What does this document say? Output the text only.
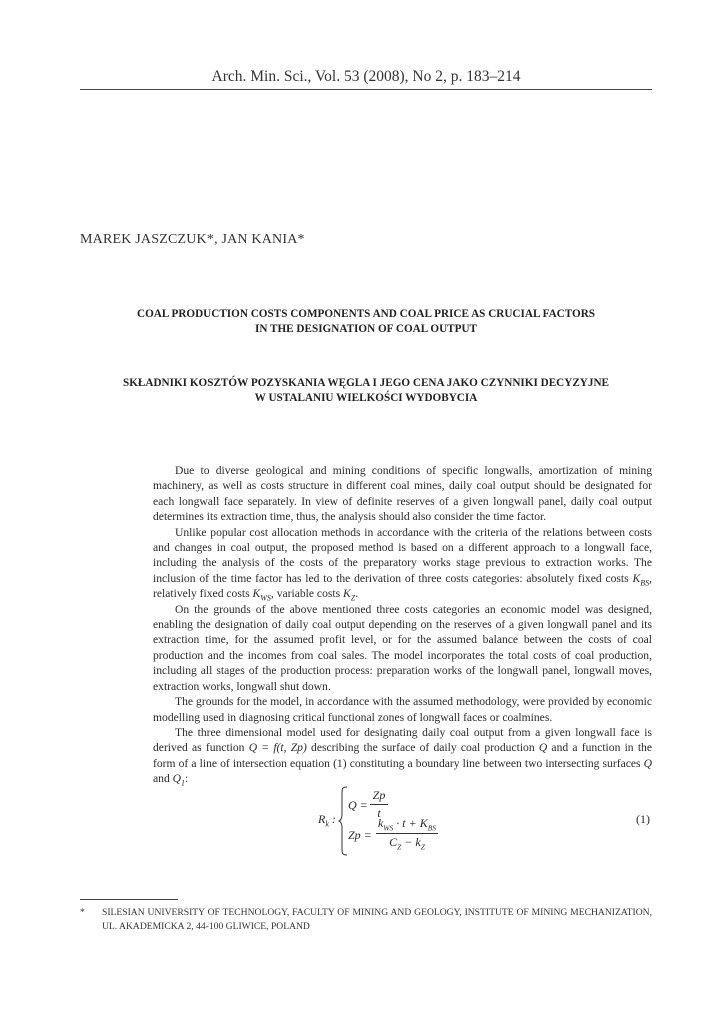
Arch. Min. Sci., Vol. 53 (2008), No 2, p. 183–214
MAREK JASZCZUK*, JAN KANIA*
COAL PRODUCTION COSTS COMPONENTS AND COAL PRICE AS CRUCIAL FACTORS
IN THE DESIGNATION OF COAL OUTPUT
SKŁADNIKI KOSZTÓW POZYSKANIA WĘGLA I JEGO CENA JAKO CZYNNIKI DECYZYJNE
W USTALANIU WIELKOŚCI WYDOBYCIA

Due to diverse geological and mining conditions of specific longwalls, amortization of mining machinery, as well as costs structure in different coal mines, daily coal output should be designated for each longwall face separately. In view of definite reserves of a given longwall panel, daily coal output determines its extraction time, thus, the analysis should also consider the time factor.

Unlike popular cost allocation methods in accordance with the criteria of the relations between costs and changes in coal output, the proposed method is based on a different approach to a longwall face, including the analysis of the costs of the preparatory works stage previous to extraction works. The inclusion of the time factor has led to the derivation of three costs categories: absolutely fixed costs $K_{BS}$, relatively fixed costs $K_{WS}$, variable costs $K_Z$.

On the grounds of the above mentioned three costs categories an economic model was designed, enabling the designation of daily coal output depending on the reserves of a given longwall panel and its extraction time, for the assumed profit level, or for the assumed balance between the costs of coal production and the incomes from coal sales. The model incorporates the total costs of coal production, including all stages of the production process: preparation works of the longwall panel, longwall moves, extraction works, longwall shut down.

The grounds for the model, in accordance with the assumed methodology, were provided by economic modelling used in diagnosing critical functional zones of longwall faces or coalmines.

The three dimensional model used for designating daily coal output from a given longwall face is derived as function Q = f(t, Zp) describing the surface of daily coal production Q and a function in the form of a line of intersection equation (1) constituting a boundary line between two intersecting surfaces Q and $Q_1$:

$R_k$ :
Q =
Zp
t
Zp =
$k_{WS} \cdot t + K_{BS}$
$C_Z - k_Z$
(1)
* SILESIAN UNIVERSITY OF TECHNOLOGY, FACULTY OF MINING AND GEOLOGY, INSTITUTE OF MINING MECHANIZATION, UL. AKADEMICKA 2, 44-100 GLIWICE, POLAND
